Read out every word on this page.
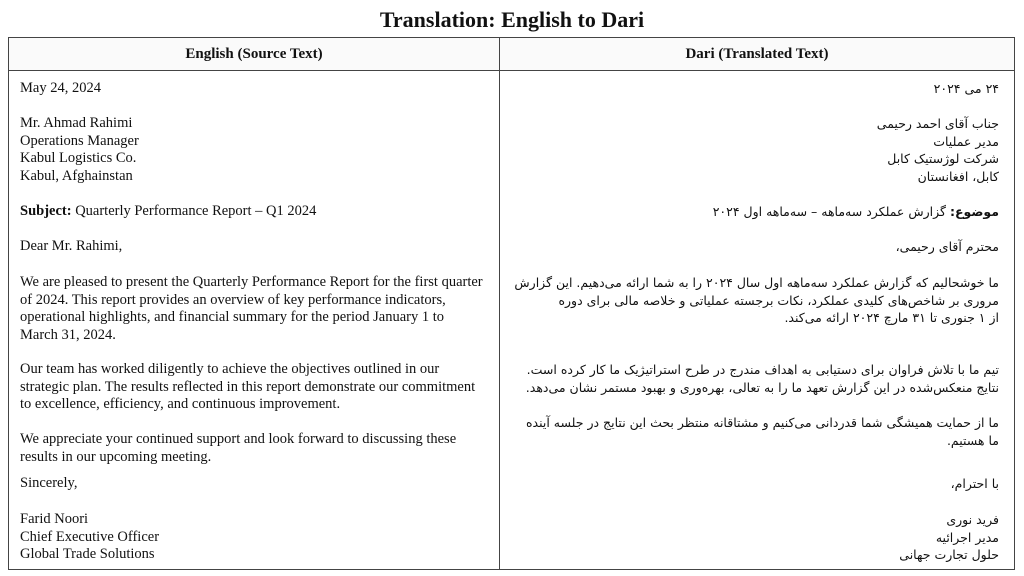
Translation: English to Dari
English (Source Text)	Dari (Translated Text)
May 24, 2024
Mr. Ahmad Rahimi
Operations Manager
Kabul Logistics Co.
Kabul, Afghainstan
Subject: Quarterly Performance Report – Q1 2024
Dear Mr. Rahimi,
We are pleased to present the Quarterly Performance Report for the first quarter
of 2024. This report provides an overview of key performance indicators,
operational highlights, and financial summary for the period January 1 to
March 31, 2024.
Our team has worked diligently to achieve the objectives outlined in our
strategic plan. The results reflected in this report demonstrate our commitment
to excellence, efficiency, and continuous improvement.
We appreciate your continued support and look forward to discussing these
results in our upcoming meeting.
Sincerely,
Farid Noori
Chief Executive Officer
Global Trade Solutions
۲۴ می ۲۰۲۴
جناب آقای احمد رحیمی
مدیر عملیات
شرکت لوژستیک کابل
کابل، افغانستان
موضوع: گزارش عملکرد سه‌ماهه – سه‌ماهه اول ۲۰۲۴
محترم آقای رحیمی،
ما خوشحالیم که گزارش عملکرد سه‌ماهه اول سال ۲۰۲۴ را به شما ارائه می‌دهیم. این گزارش
مروری بر شاخص‌های کلیدی عملکرد، نکات برجسته عملیاتی و خلاصه مالی برای دوره
از ۱ جنوری تا ۳۱ مارچ ۲۰۲۴ ارائه می‌کند.
تیم ما با تلاش فراوان برای دستیابی به اهداف مندرج در طرح استراتیژیک ما کار کرده است.
نتایج منعکس‌شده در این گزارش تعهد ما را به تعالی، بهره‌وری و بهبود مستمر نشان می‌دهد.
ما از حمایت همیشگی شما قدردانی می‌کنیم و مشتاقانه منتظر بحث این نتایج در جلسه آینده
ما هستیم.
با احترام،
فرید نوری
مدیر اجرائیه
حلول تجارت جهانی
